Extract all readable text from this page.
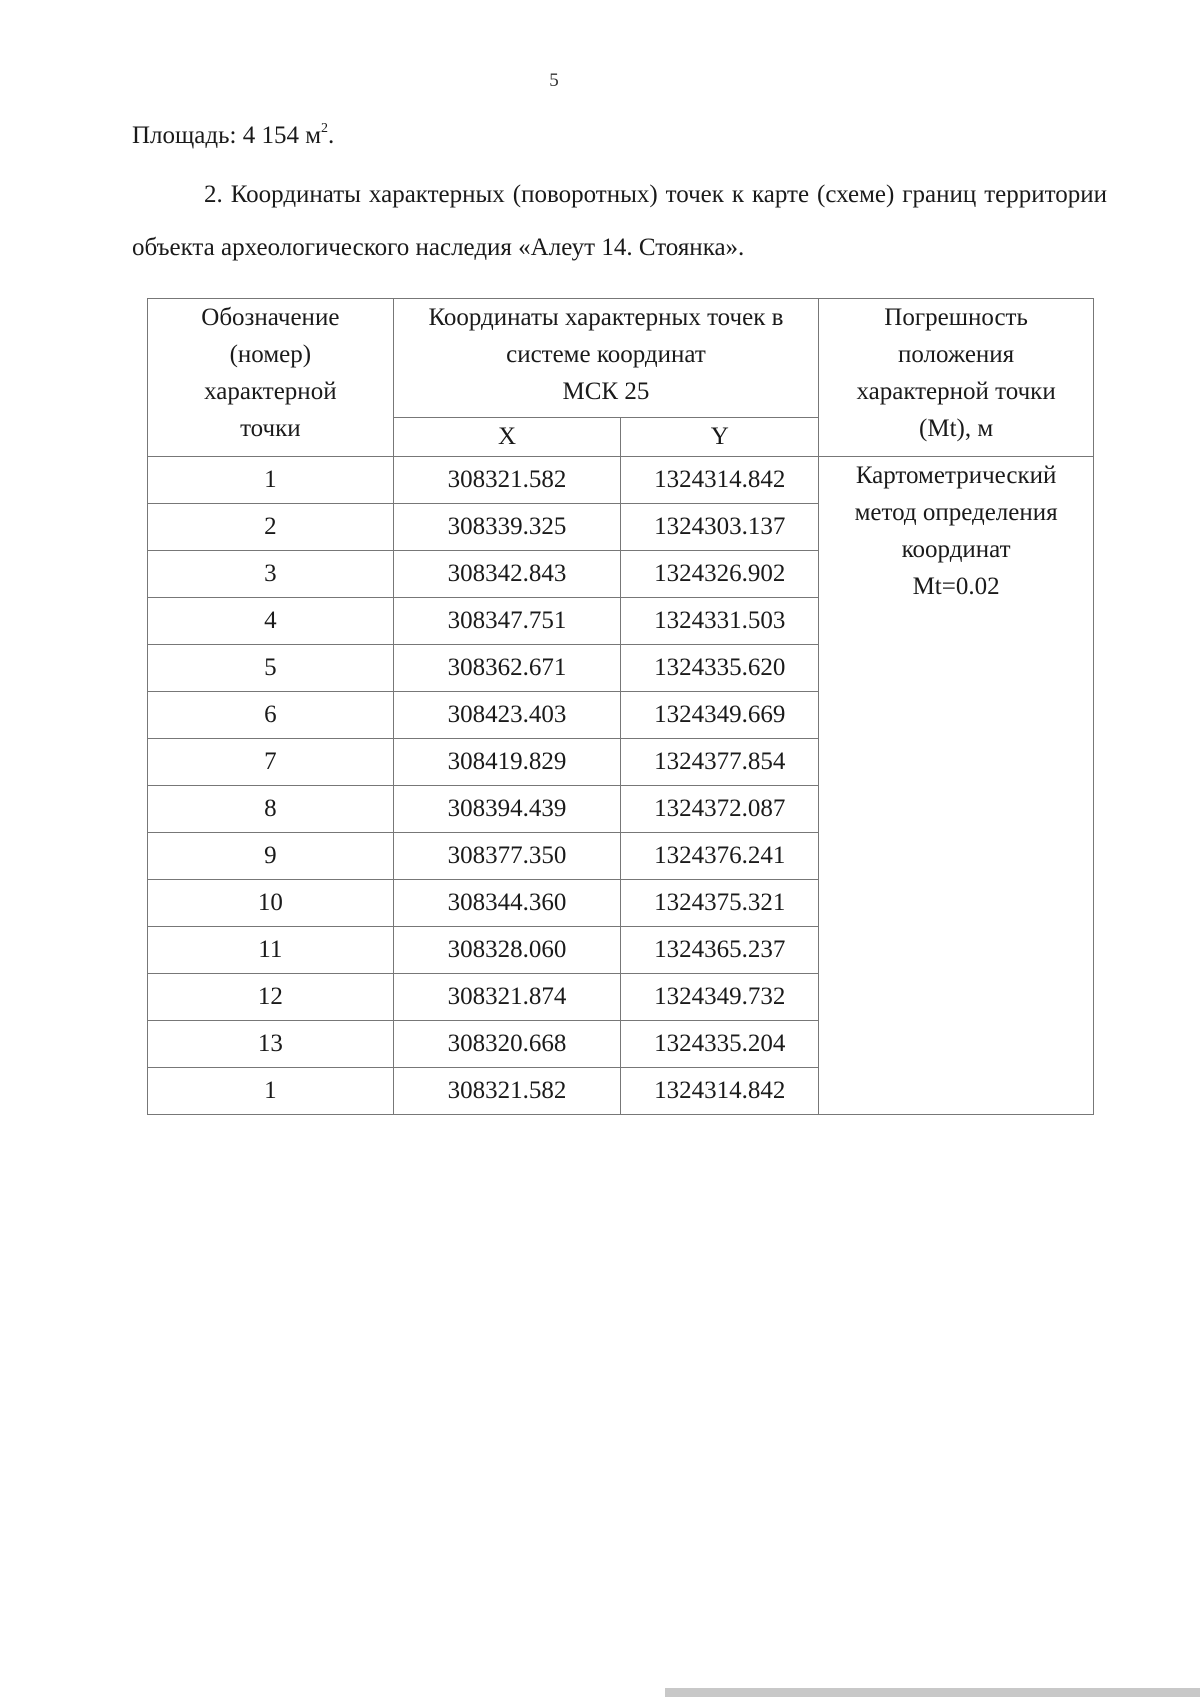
5
Площадь: 4 154 $м^2$.

2. Координаты характерных (поворотных) точек к карте (схеме) границ территории объекта археологического наследия «Алеут 14. Стоянка».

Обозначение
(номер)
характерной
точки	Координаты характерных точек в
системе координат
МСК 25		Погрешность
положения
характерной точки
(Mt), м
	X	Y	
1	308321.582	1324314.842	Картометрический
метод определения
координат
Mt=0.02
2	308339.325	1324303.137	
3	308342.843	1324326.902	
4	308347.751	1324331.503	
5	308362.671	1324335.620	
6	308423.403	1324349.669	
7	308419.829	1324377.854	
8	308394.439	1324372.087	
9	308377.350	1324376.241	
10	308344.360	1324375.321	
11	308328.060	1324365.237	
12	308321.874	1324349.732	
13	308320.668	1324335.204	
1	308321.582	1324314.842	
